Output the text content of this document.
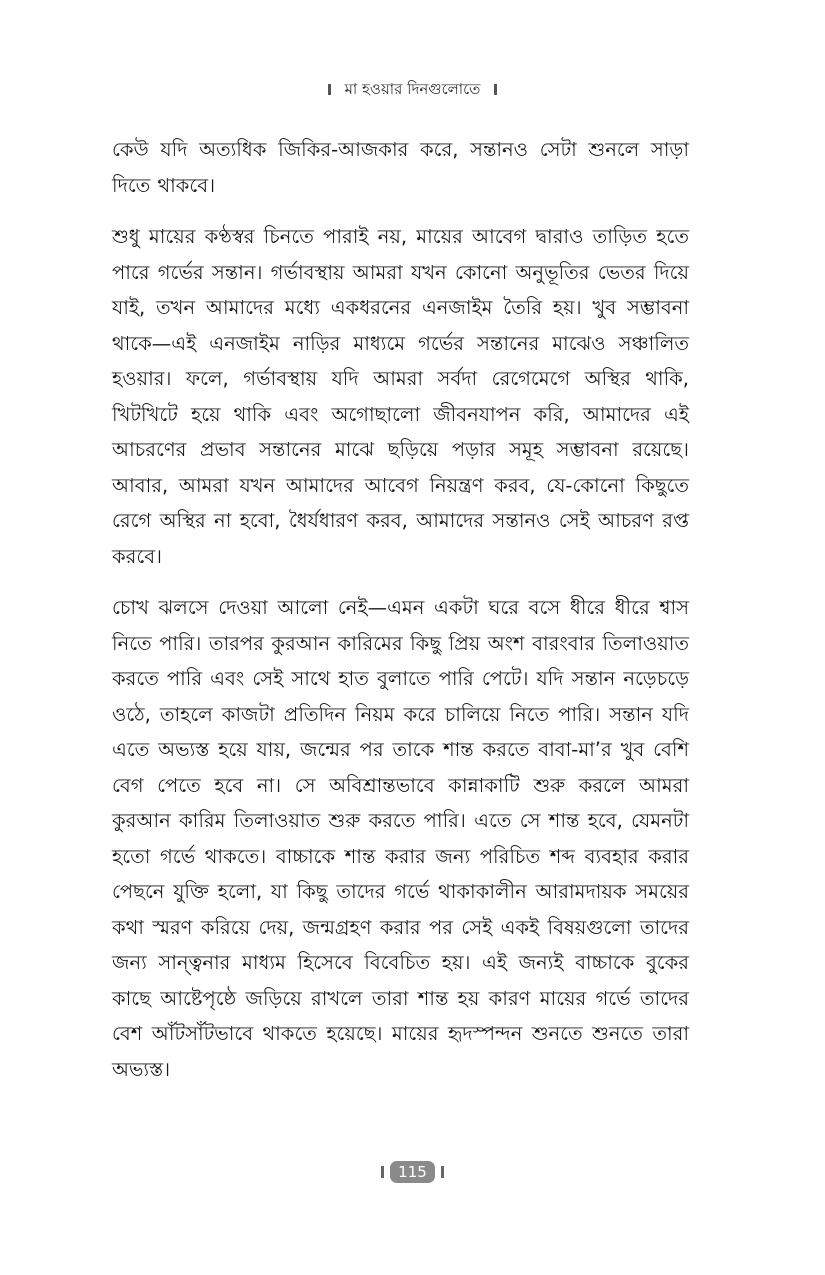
মা হওয়ার দিনগুলোতে

কেউ যদি অত্যধিক জিকির-আজকার করে, সন্তানও সেটা শুনলে সাড়া দিতে থাকবে।

শুধু মায়ের কণ্ঠস্বর চিনতে পারাই নয়, মায়ের আবেগ দ্বারাও তাড়িত হতে পারে গর্ভের সন্তান। গর্ভাবস্থায় আমরা যখন কোনো অনুভূতির ভেতর দিয়ে যাই, তখন আমাদের মধ্যে একধরনের এনজাইম তৈরি হয়। খুব সম্ভাবনা থাকে—এই এনজাইম নাড়ির মাধ্যমে গর্ভের সন্তানের মাঝেও সঞ্চালিত হওয়ার। ফলে, গর্ভাবস্থায় যদি আমরা সর্বদা রেগেমেগে অস্থির থাকি, খিটখিটে হয়ে থাকি এবং অগোছালো জীবনযাপন করি, আমাদের এই আচরণের প্রভাব সন্তানের মাঝে ছড়িয়ে পড়ার সমূহ সম্ভাবনা রয়েছে। আবার, আমরা যখন আমাদের আবেগ নিয়ন্ত্রণ করব, যে-কোনো কিছুতে রেগে অস্থির না হবো, ধৈর্যধারণ করব, আমাদের সন্তানও সেই আচরণ রপ্ত করবে।

চোখ ঝলসে দেওয়া আলো নেই—এমন একটা ঘরে বসে ধীরে ধীরে শ্বাস নিতে পারি। তারপর কুরআন কারিমের কিছু প্রিয় অংশ বারংবার তিলাওয়াত করতে পারি এবং সেই সাথে হাত বুলাতে পারি পেটে। যদি সন্তান নড়েচড়ে ওঠে, তাহলে কাজটা প্রতিদিন নিয়ম করে চালিয়ে নিতে পারি। সন্তান যদি এতে অভ্যস্ত হয়ে যায়, জন্মের পর তাকে শান্ত করতে বাবা-মা’র খুব বেশি বেগ পেতে হবে না। সে অবিশ্রান্তভাবে কান্নাকাটি শুরু করলে আমরা কুরআন কারিম তিলাওয়াত শুরু করতে পারি। এতে সে শান্ত হবে, যেমনটা হতো গর্ভে থাকতে। বাচ্চাকে শান্ত করার জন্য পরিচিত শব্দ ব্যবহার করার পেছনে যুক্তি হলো, যা কিছু তাদের গর্ভে থাকাকালীন আরামদায়ক সময়ের কথা স্মরণ করিয়ে দেয়, জন্মগ্রহণ করার পর সেই একই বিষয়গুলো তাদের জন্য সান্ত্বনার মাধ্যম হিসেবে বিবেচিত হয়। এই জন্যই বাচ্চাকে বুকের কাছে আষ্টেপৃষ্ঠে জড়িয়ে রাখলে তারা শান্ত হয় কারণ মায়ের গর্ভে তাদের বেশ আঁটসাঁটভাবে থাকতে হয়েছে। মায়ের হৃদস্পন্দন শুনতে শুনতে তারা অভ্যস্ত।

115
